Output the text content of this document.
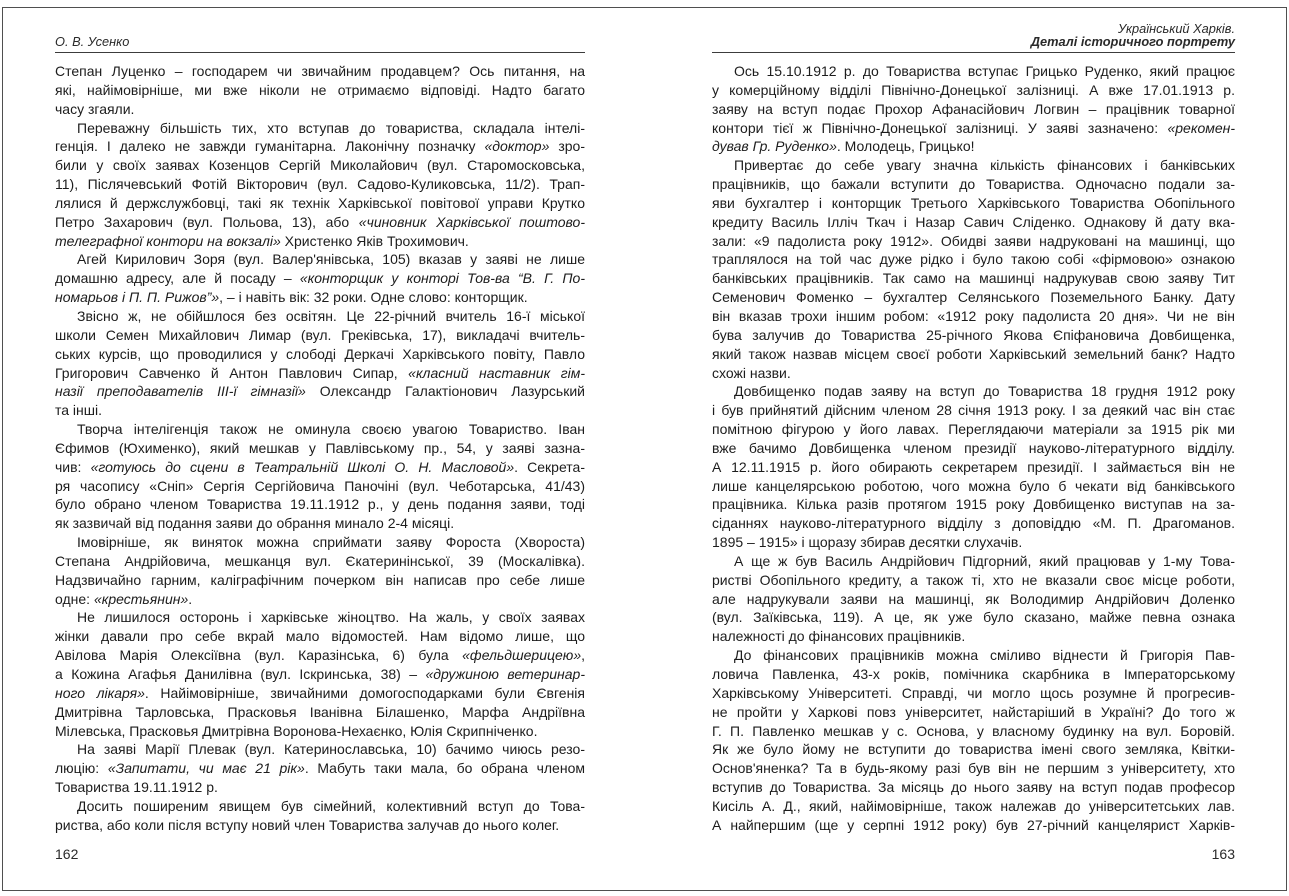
О. В. Усенко
Степан Луценко – господарем чи звичайним продавцем? Ось питання, на
які, найімовірніше, ми вже ніколи не отримаємо відповіді. Надто багато
часу згаяли.
Переважну більшість тих, хто вступав до товариства, складала інтелі-
генція. І далеко не завжди гуманітарна. Лаконічну позначку «доктор» зро-
били у своїх заявах Козенцов Сергій Миколайович (вул. Старомосковська,
11), Післячевський Фотій Вікторович (вул. Садово-Куликовська, 11/2). Трап-
лялися й держслужбовці, такі як технік Харківської повітової управи Крутко
Петро Захарович (вул. Польова, 13), або «чиновник Харківської поштово-
телеграфної контори на вокзалі» Христенко Яків Трохимович.
Агей Кирилович Зоря (вул. Валер'янівська, 105) вказав у заяві не лише
домашню адресу, але й посаду – «конторщик у конторі Тов-ва “В. Г. По-
номарьов і П. П. Рижов”», – і навіть вік: 32 роки. Одне слово: конторщик.
Звісно ж, не обійшлося без освітян. Це 22-річний вчитель 16-ї міської
школи Семен Михайлович Лимар (вул. Греківська, 17), викладачі вчитель-
ських курсів, що проводилися у слободі Деркачі Харківського повіту, Павло
Григорович Савченко й Антон Павлович Сипар, «класний наставник гім-
назії преподавателів ІІІ-ї гімназії» Олександр Галактіонович Лазурський
та інші.
Творча інтелігенція також не оминула своєю увагою Товариство. Іван
Єфимов (Юхименко), який мешкав у Павлівському пр., 54, у заяві зазна-
чив: «готуюсь до сцени в Театральній Школі О. Н. Масловой». Секрета-
ря часопису «Сніп» Сергія Сергійовича Паночіні (вул. Чеботарська, 41/43)
було обрано членом Товариства 19.11.1912 р., у день подання заяви, тоді
як зазвичай від подання заяви до обрання минало 2-4 місяці.
Імовірніше, як виняток можна сприймати заяву Фороста (Хвороста)
Степана Андрійовича, мешканця вул. Єкатеринінської, 39 (Москалівка).
Надзвичайно гарним, каліграфічним почерком він написав про себе лише
одне: «крестьянин».
Не лишилося осторонь і харківське жіноцтво. На жаль, у своїх заявах
жінки давали про себе вкрай мало відомостей. Нам відомо лише, що
Авілова Марія Олексіївна (вул. Каразінська, 6) була «фельдшерицею»,
а Кожина Агафья Данилівна (вул. Іскринська, 38) – «дружиною ветеринар-
ного лікаря». Найімовірніше, звичайними домогосподарками були Євгенія
Дмитрівна Тарловська, Прасковья Іванівна Білашенко, Марфа Андріївна
Мілевська, Прасковья Дмитрівна Воронова-Нехаєнко, Юлія Скрипніченко.
На заяві Марії Плевак (вул. Катеринославська, 10) бачимо чиюсь резо-
люцію: «Запитати, чи має 21 рік». Мабуть таки мала, бо обрана членом
Товариства 19.11.1912 р.
Досить поширеним явищем був сімейний, колективний вступ до Това-
риства, або коли після вступу новий член Товариства залучав до нього колег.
162
Український Харків.
Деталі історичного портрету
Ось 15.10.1912 р. до Товариства вступає Грицько Руденко, який працює
у комерційному відділі Північно-Донецької залізниці. А вже 17.01.1913 р.
заяву на вступ подає Прохор Афанасійович Логвин – працівник товарної
контори тієї ж Північно-Донецької залізниці. У заяві зазначено: «рекомен-
дував Гр. Руденко». Молодець, Грицько!
Привертає до себе увагу значна кількість фінансових і банківських
працівників, що бажали вступити до Товариства. Одночасно подали за-
яви бухгалтер і конторщик Третього Харківського Товариства Обопільного
кредиту Василь Ілліч Ткач і Назар Савич Сліденко. Однакову й дату вка-
зали: «9 падолиста року 1912». Обидві заяви надруковані на машинці, що
траплялося на той час дуже рідко і було такою собі «фірмовою» ознакою
банківських працівників. Так само на машинці надрукував свою заяву Тит
Семенович Фоменко – бухгалтер Селянського Поземельного Банку. Дату
він вказав трохи іншим робом: «1912 року падолиста 20 дня». Чи не він
бува залучив до Товариства 25-річного Якова Єпіфановича Довбищенка,
який також назвав місцем своєї роботи Харківський земельний банк? Надто
схожі назви.
Довбищенко подав заяву на вступ до Товариства 18 грудня 1912 року
і був прийнятий дійсним членом 28 січня 1913 року. І за деякий час він стає
помітною фігурою у його лавах. Переглядаючи матеріали за 1915 рік ми
вже бачимо Довбищенка членом президії науково-літературного відділу.
А 12.11.1915 р. його обирають секретарем президії. І займається він не
лише канцелярською роботою, чого можна було б чекати від банківського
працівника. Кілька разів протягом 1915 року Довбищенко виступав на за-
сіданнях науково-літературного відділу з доповіддю «М. П. Драгоманов.
1895 – 1915» і щоразу збирав десятки слухачів.
А ще ж був Василь Андрійович Підгорний, який працював у 1-му Това-
ристві Обопільного кредиту, а також ті, хто не вказали своє місце роботи,
але надрукували заяви на машинці, як Володимир Андрійович Доленко
(вул. Заїківська, 119). А це, як уже було сказано, майже певна ознака
належності до фінансових працівників.
До фінансових працівників можна сміливо віднести й Григорія Пав-
ловича Павленка, 43-х років, помічника скарбника в Імператорському
Харківському Університеті. Справді, чи могло щось розумне й прогресив-
не пройти у Харкові повз університет, найстаріший в Україні? До того ж
Г. П. Павленко мешкав у с. Основа, у власному будинку на вул. Боровій.
Як же було йому не вступити до товариства імені свого земляка, Квітки-
Основ'яненка? Та в будь-якому разі був він не першим з університету, хто
вступив до Товариства. За місяць до нього заяву на вступ подав професор
Кисіль А. Д., який, найімовірніше, також належав до університетських лав.
А найпершим (ще у серпні 1912 року) був 27-річний канцелярист Харків-
163
